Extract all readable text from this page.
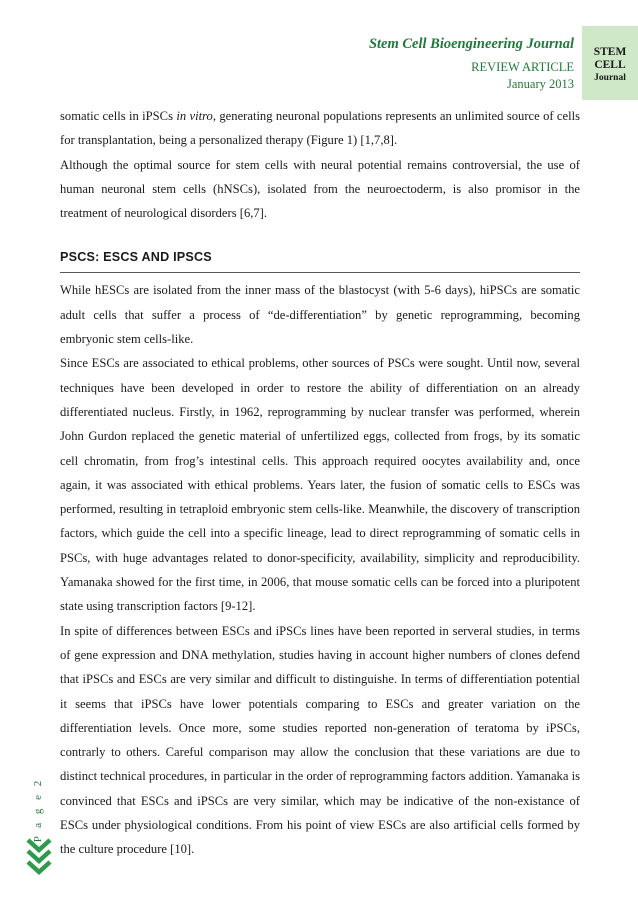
Stem Cell Bioengineering Journal
REVIEW ARTICLE
January 2013
STEM
CELL
Journal

somatic cells in iPSCs in vitro, generating neuronal populations represents an unlimited source of cells for transplantation, being a personalized therapy (Figure 1) [1,7,8].

Although the optimal source for stem cells with neural potential remains controversial, the use of human neuronal stem cells (hNSCs), isolated from the neuroectoderm, is also promisor in the treatment of neurological disorders [6,7].

PSCS: ESCS AND IPSCS

While hESCs are isolated from the inner mass of the blastocyst (with 5-6 days), hiPSCs are somatic adult cells that suffer a process of “de-differentiation” by genetic reprogramming, becoming embryonic stem cells-like.

Since ESCs are associated to ethical problems, other sources of PSCs were sought. Until now, several techniques have been developed in order to restore the ability of differentiation on an already differentiated nucleus. Firstly, in 1962, reprogramming by nuclear transfer was performed, wherein John Gurdon replaced the genetic material of unfertilized eggs, collected from frogs, by its somatic cell chromatin, from frog’s intestinal cells. This approach required oocytes availability and, once again, it was associated with ethical problems. Years later, the fusion of somatic cells to ESCs was performed, resulting in tetraploid embryonic stem cells-like. Meanwhile, the discovery of transcription factors, which guide the cell into a specific lineage, lead to direct reprogramming of somatic cells in PSCs, with huge advantages related to donor-specificity, availability, simplicity and reproducibility. Yamanaka showed for the first time, in 2006, that mouse somatic cells can be forced into a pluripotent state using transcription factors [9-12].

In spite of differences between ESCs and iPSCs lines have been reported in serveral studies, in terms of gene expression and DNA methylation, studies having in account higher numbers of clones defend that iPSCs and ESCs are very similar and difficult to distinguishe. In terms of differentiation potential it seems that iPSCs have lower potentials comparing to ESCs and greater variation on the differentiation levels. Once more, some studies reported non-generation of teratoma by iPSCs, contrarly to others. Careful comparison may allow the conclusion that these variations are due to distinct technical procedures, in particular in the order of reprogramming factors addition. Yamanaka is convinced that ESCs and iPSCs are very similar, which may be indicative of the non-existance of ESCs under physiological conditions. From his point of view ESCs are also artificial cells formed by the culture procedure [10].

P a g e 2
